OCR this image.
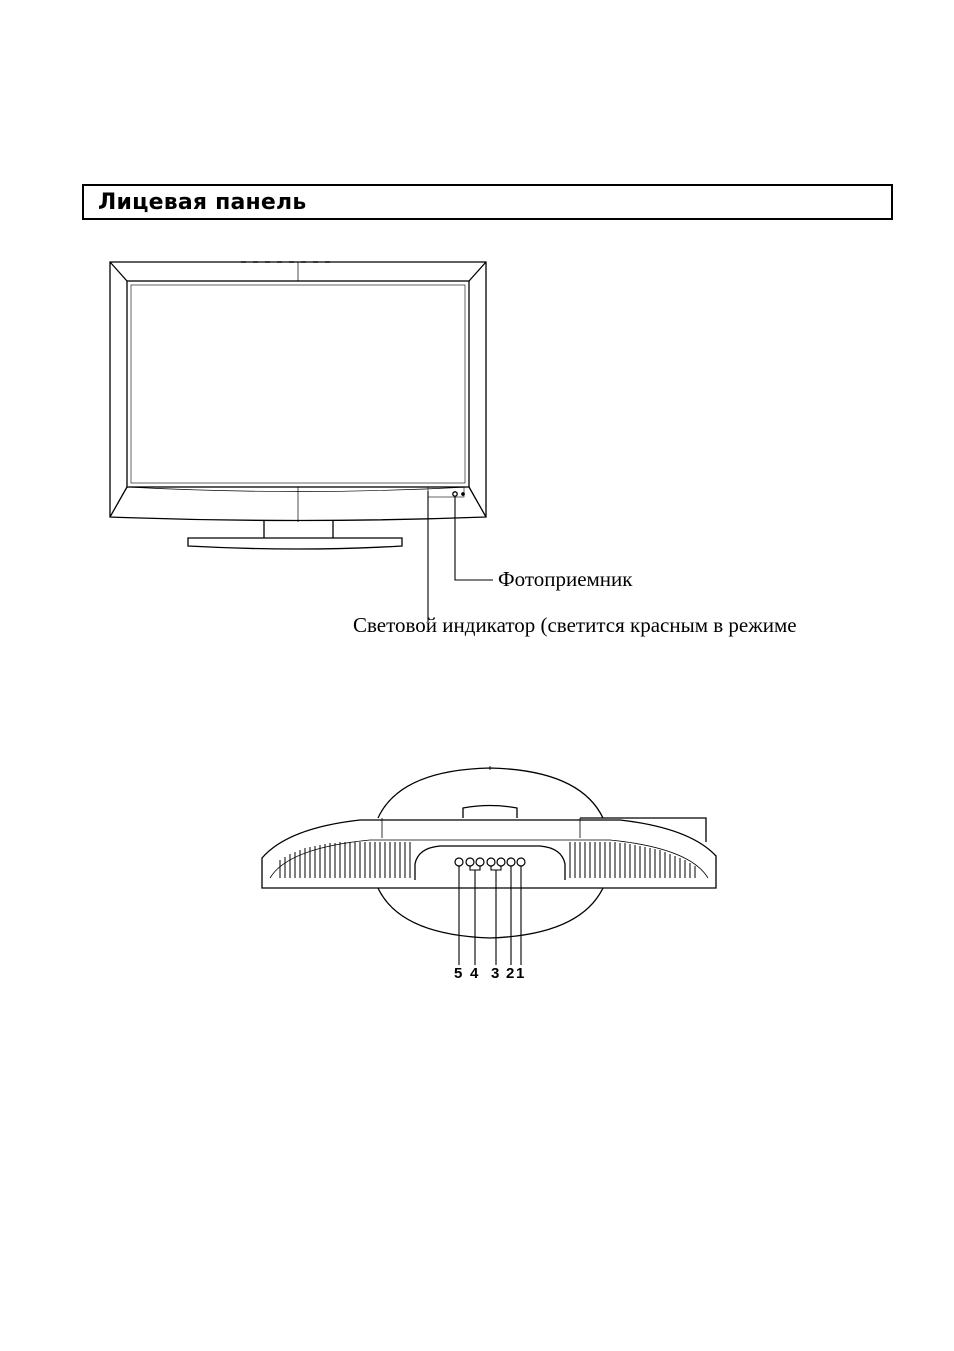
Лицевая панель
Фотоприемник
Световой индикатор (светится красным в режиме
5 4 3 2 1
